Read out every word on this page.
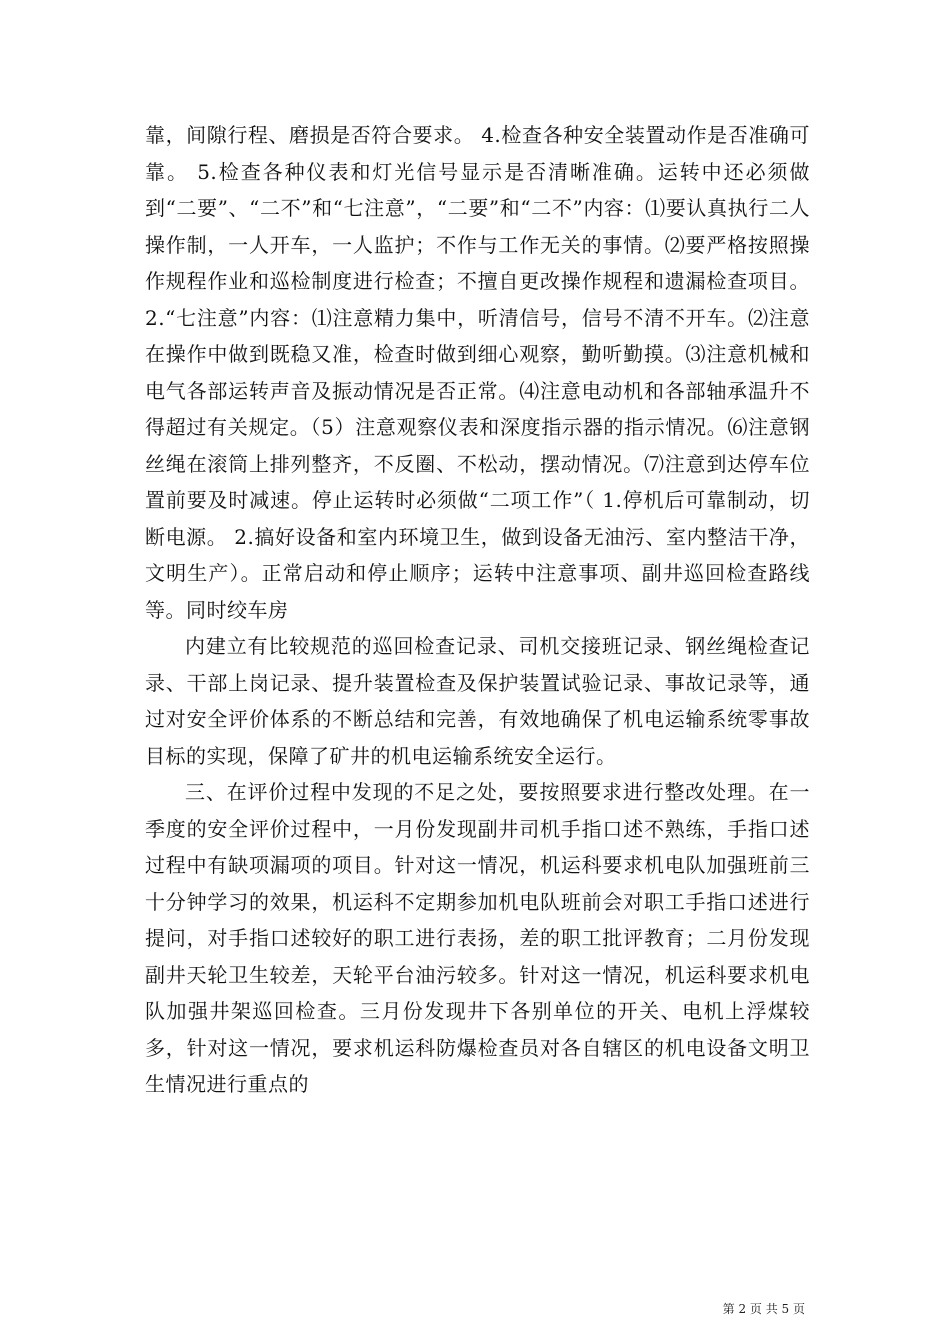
靠，间隙行程、磨损是否符合要求。 4.检查各种安全装置动作是否准确可靠。 5.检查各种仪表和灯光信号显示是否清晰准确。运转中还必须做到“二要”、“二不”和“七注意”，“二要”和“二不”内容：⑴要认真执行二人操作制，一人开车，一人监护；不作与工作无关的事情。⑵要严格按照操作规程作业和巡检制度进行检查；不擅自更改操作规程和遗漏检查项目。 2.“七注意”内容：⑴注意精力集中，听清信号，信号不清不开车。⑵注意在操作中做到既稳又准，检查时做到细心观察，勤听勤摸。⑶注意机械和电气各部运转声音及振动情况是否正常。⑷注意电动机和各部轴承温升不得超过有关规定。（5）注意观察仪表和深度指示器的指示情况。⑹注意钢丝绳在滚筒上排列整齐，不反圈、不松动，摆动情况。⑺注意到达停车位置前要及时减速。停止运转时必须做“二项工作”（ 1.停机后可靠制动，切断电源。 2.搞好设备和室内环境卫生，做到设备无油污、室内整洁干净，文明生产）。正常启动和停止顺序；运转中注意事项、副井巡回检查路线等。同时绞车房

内建立有比较规范的巡回检查记录、司机交接班记录、钢丝绳检查记录、干部上岗记录、提升装置检查及保护装置试验记录、事故记录等，通过对安全评价体系的不断总结和完善，有效地确保了机电运输系统零事故目标的实现，保障了矿井的机电运输系统安全运行。

三、在评价过程中发现的不足之处，要按照要求进行整改处理。在一季度的安全评价过程中，一月份发现副井司机手指口述不熟练，手指口述过程中有缺项漏项的项目。针对这一情况，机运科要求机电队加强班前三十分钟学习的效果，机运科不定期参加机电队班前会对职工手指口述进行提问，对手指口述较好的职工进行表扬，差的职工批评教育；二月份发现副井天轮卫生较差，天轮平台油污较多。针对这一情况，机运科要求机电队加强井架巡回检查。三月份发现井下各别单位的开关、电机上浮煤较多，针对这一情况，要求机运科防爆检查员对各自辖区的机电设备文明卫生情况进行重点的

第 2 页 共 5 页
